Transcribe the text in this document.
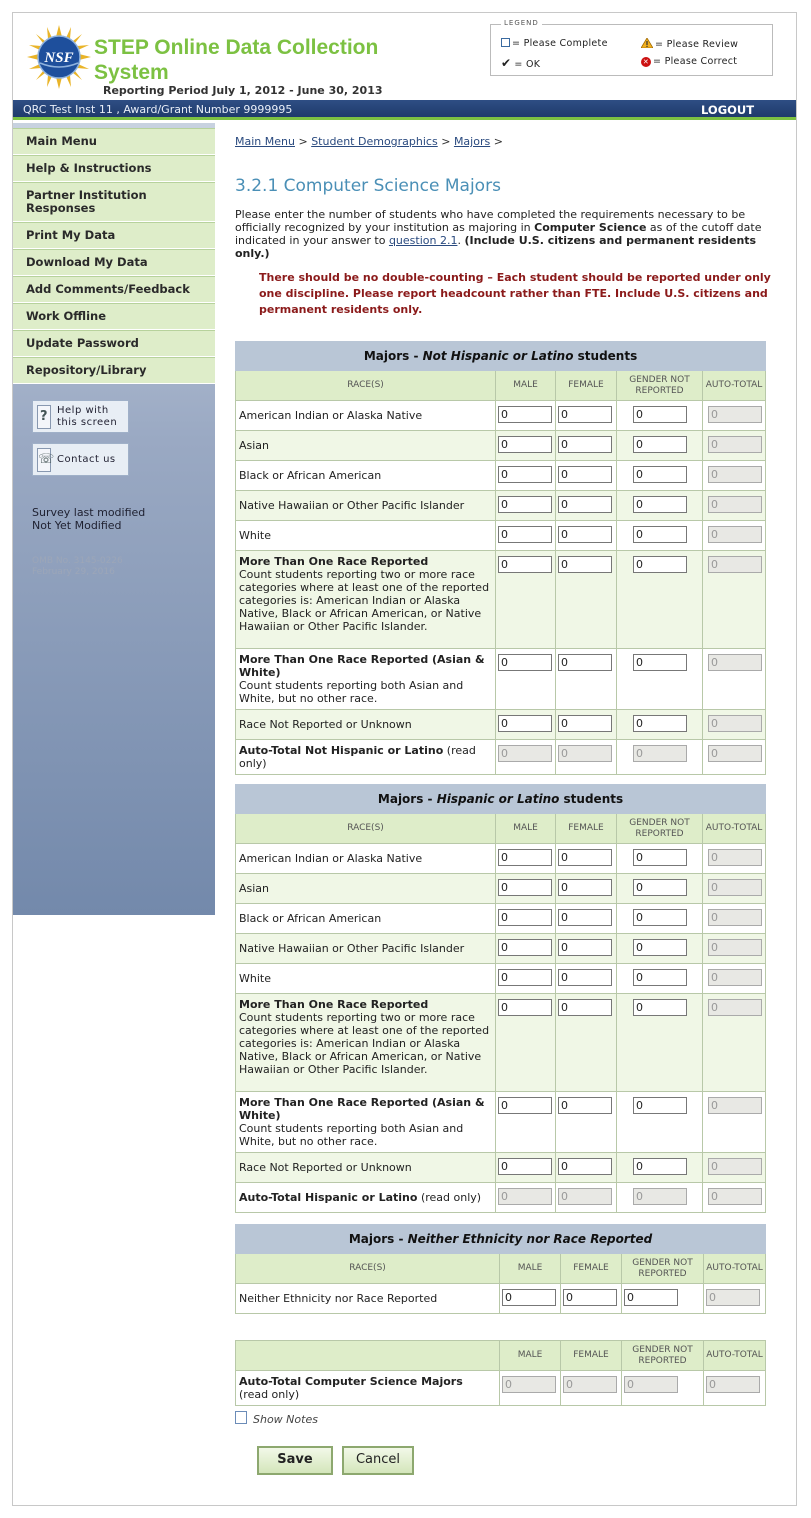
NSF STEP Online Data Collection
System
Reporting Period July 1, 2012 - June 30, 2013
LEGEND
= Please Complete	= Please Review
✔ = OK	✕ = Please Correct
QRC Test Inst 11 , Award/Grant Number 9999995	LOGOUT
Main Menu
Help & Instructions
Partner Institution Responses
Print My Data
Download My Data
Add Comments/Feedback
Work Offline
Update Password
Repository/Library
? Help with this screen
☏ Contact us
Survey last modified
Not Yet Modified
OMB No. 3145-0226
February 29, 2016
Main Menu > Student Demographics > Majors >
3.2.1 Computer Science Majors
Please enter the number of students who have completed the requirements necessary to be officially recognized by your institution as majoring in Computer Science as of the cutoff date indicated in your answer to question 2.1. (Include U.S. citizens and permanent residents only.)
There should be no double-counting – Each student should be reported under only one discipline. Please report headcount rather than FTE. Include U.S. citizens and permanent residents only.
Majors - Not Hispanic or Latino students				
RACE(S)	MALE	FEMALE	GENDER NOT REPORTED	AUTO-TOTAL
American Indian or Alaska Native	0	0	0	0
Asian	0	0	0	0
Black or African American	0	0	0	0
Native Hawaiian or Other Pacific Islander	0	0	0	0
White	0	0	0	0
More Than One Race Reported
Count students reporting two or more race categories where at least one of the reported categories is: American Indian or Alaska Native, Black or African American, or Native Hawaiian or Other Pacific Islander.	0	0	0	0
More Than One Race Reported (Asian & White)
Count students reporting both Asian and White, but no other race.	0	0	0	0
Race Not Reported or Unknown	0	0	0	0
Auto-Total Not Hispanic or Latino (read only)	0	0	0	0
Majors - Hispanic or Latino students				
RACE(S)	MALE	FEMALE	GENDER NOT REPORTED	AUTO-TOTAL
American Indian or Alaska Native	0	0	0	0
Asian	0	0	0	0
Black or African American	0	0	0	0
Native Hawaiian or Other Pacific Islander	0	0	0	0
White	0	0	0	0
More Than One Race Reported
Count students reporting two or more race categories where at least one of the reported categories is: American Indian or Alaska Native, Black or African American, or Native Hawaiian or Other Pacific Islander.	0	0	0	0
More Than One Race Reported (Asian & White)
Count students reporting both Asian and White, but no other race.	0	0	0	0
Race Not Reported or Unknown	0	0	0	0
Auto-Total Hispanic or Latino (read only)	0	0	0	0
Majors - Neither Ethnicity nor Race Reported				
RACE(S)	MALE	FEMALE	GENDER NOT REPORTED	AUTO-TOTAL
Neither Ethnicity nor Race Reported	0	0	0	0
	MALE	FEMALE	GENDER NOT REPORTED	AUTO-TOTAL
Auto-Total Computer Science Majors
(read only)	0	0	0	0
Show Notes
Save	Cancel
